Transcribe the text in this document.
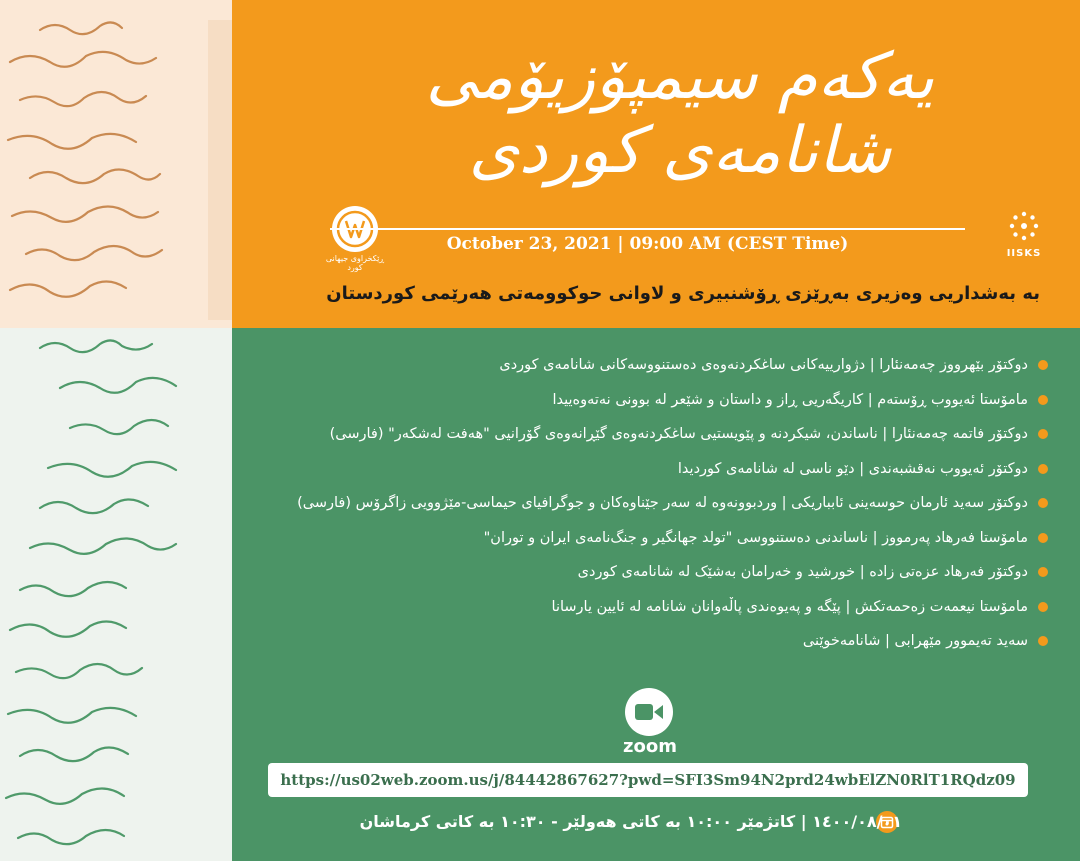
یەکەم سیمپۆزیۆمی شانامەی کوردی
ڕێکخراوی جیهانی کورد
IISKS
October 23, 2021 | 09:00 AM (CEST Time)
بە بەشداریی وەزیری بەڕێزی ڕۆشنبیری و لاوانی حوکوومەتی هەرێمی کوردستان
دوکتۆر بێهرووز چەمەنئارا | دژوارییەکانی ساغکردنەوەی دەستنووسەکانی شانامەی کوردی
مامۆستا ئەیووب ڕۆستەم | کاریگەریی ڕاز و داستان و شێعر لە بوونی نەتەوەییدا
دوکتۆر فاتمە چەمەنئارا | ناساندن، شیکردنە و پێویستیی ساغکردنەوەی گێڕانەوەی گۆرانیی "هەفت لەشکەر" (فارسی)
دوکتۆر ئەیووب نەقشبەندی | دێو ناسی لە شانامەی کوردیدا
دوکتۆر سەید ئارمان حوسەینی ئابباریکی | وردبوونەوە لە سەر جێناوەکان و جوگرافیای حیماسی-مێژوویی زاگرۆس (فارسی)
مامۆستا فەرهاد پەرمووز | ناساندنی دەستنووسی "تولد جهانگیر و جنگ‌نامەی ایران و توران"
دوکتۆر فەرهاد عزەتی زادە | خورشید و خەرامان بەشێک لە شانامەی کوردی
مامۆستا نیعمەت زەحمەتکش | پێگە و پەیوەندی پاڵەوانان شانامە لە ئایین یارسانا
سەید تەیموور مێهرابی | شانامەخوێنی
zoom
https://us02web.zoom.us/j/84442867627?pwd=SFI3Sm94N2prd24wbElZN0RlT1RQdz09
١٤٠٠/٠٨/٠١ | کاتژمێر ١٠:٠٠ بە کاتی هەولێر - ١٠:٣٠ بە کاتی کرماشان
